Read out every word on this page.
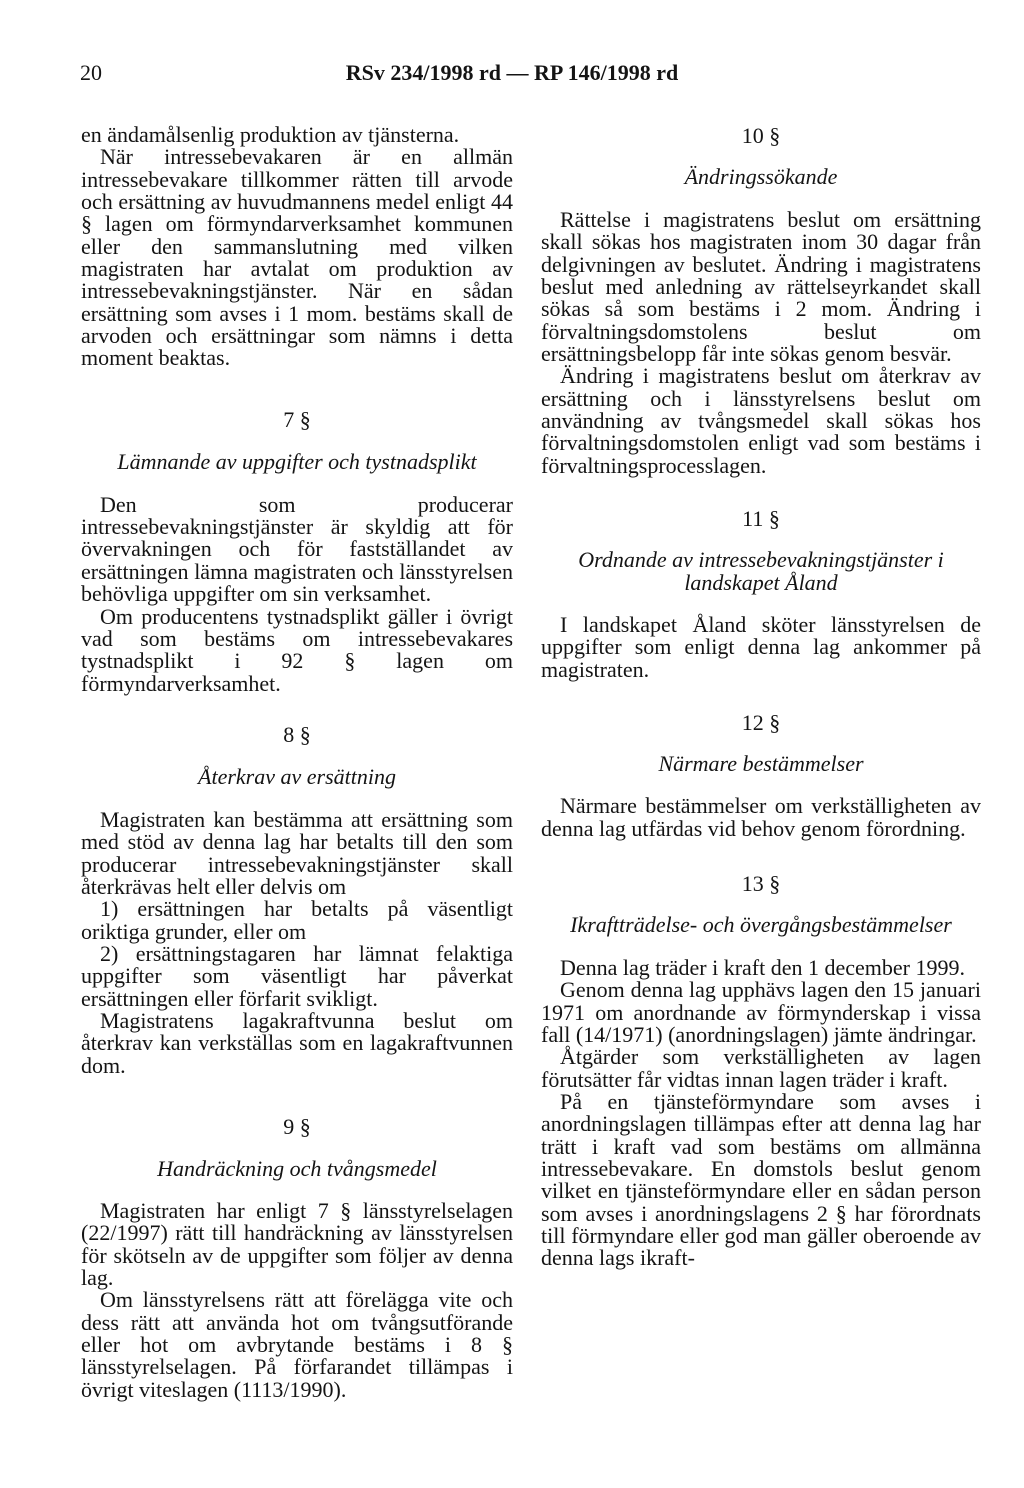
20	RSv 234/1998 rd — RP 146/1998 rd

en ändamålsenlig produktion av tjänsterna.

När intressebevakaren är en allmän intressebevakare tillkommer rätten till arvode och ersättning av huvudmannens medel enligt 44 § lagen om förmyndarverksamhet kommunen eller den sammanslutning med vilken magistraten har avtalat om produktion av intressebevakningstjänster. När en sådan ersättning som avses i 1 mom. bestäms skall de arvoden och ersättningar som nämns i detta moment beaktas.

7 §
Lämnande av uppgifter och tystnadsplikt

Den som producerar intressebevakningstjänster är skyldig att för övervakningen och för fastställandet av ersättningen lämna magistraten och länsstyrelsen behövliga uppgifter om sin verksamhet.

Om producentens tystnadsplikt gäller i övrigt vad som bestäms om intressebevakares tystnadsplikt i 92 § lagen om förmyndarverksamhet.

8 §
Återkrav av ersättning

Magistraten kan bestämma att ersättning som med stöd av denna lag har betalts till den som producerar intressebevakningstjänster skall återkrävas helt eller delvis om

1) ersättningen har betalts på väsentligt oriktiga grunder, eller om

2) ersättningstagaren har lämnat felaktiga uppgifter som väsentligt har påverkat ersättningen eller förfarit svikligt.

Magistratens lagakraftvunna beslut om återkrav kan verkställas som en lagakraftvunnen dom.

9 §
Handräckning och tvångsmedel

Magistraten har enligt 7 § länsstyrelselagen (22/1997) rätt till handräckning av länsstyrelsen för skötseln av de uppgifter som följer av denna lag.

Om länsstyrelsens rätt att förelägga vite och dess rätt att använda hot om tvångsutförande eller hot om avbrytande bestäms i 8 § länsstyrelselagen. På förfarandet tillämpas i övrigt viteslagen (1113/1990).

10 §
Ändringssökande

Rättelse i magistratens beslut om ersättning skall sökas hos magistraten inom 30 dagar från delgivningen av beslutet. Ändring i magistratens beslut med anledning av rättelseyrkandet skall sökas så som bestäms i 2 mom. Ändring i förvaltningsdomstolens beslut om ersättningsbelopp får inte sökas genom besvär.

Ändring i magistratens beslut om återkrav av ersättning och i länsstyrelsens beslut om användning av tvångsmedel skall sökas hos förvaltningsdomstolen enligt vad som bestäms i förvaltningsprocesslagen.

11 §
Ordnande av intressebevakningstjänster i landskapet Åland

I landskapet Åland sköter länsstyrelsen de uppgifter som enligt denna lag ankommer på magistraten.

12 §
Närmare bestämmelser

Närmare bestämmelser om verkställigheten av denna lag utfärdas vid behov genom förordning.

13 §
Ikraftträdelse- och övergångsbestämmelser

Denna lag träder i kraft den 1 december 1999.

Genom denna lag upphävs lagen den 15 januari 1971 om anordnande av förmynderskap i vissa fall (14/1971) (anordningslagen) jämte ändringar.

Åtgärder som verkställigheten av lagen förutsätter får vidtas innan lagen träder i kraft.

På en tjänsteförmyndare som avses i anordningslagen tillämpas efter att denna lag har trätt i kraft vad som bestäms om allmänna intressebevakare. En domstols beslut genom vilket en tjänsteförmyndare eller en sådan person som avses i anordningslagens 2 § har förordnats till förmyndare eller god man gäller oberoende av denna lags ikraft-
